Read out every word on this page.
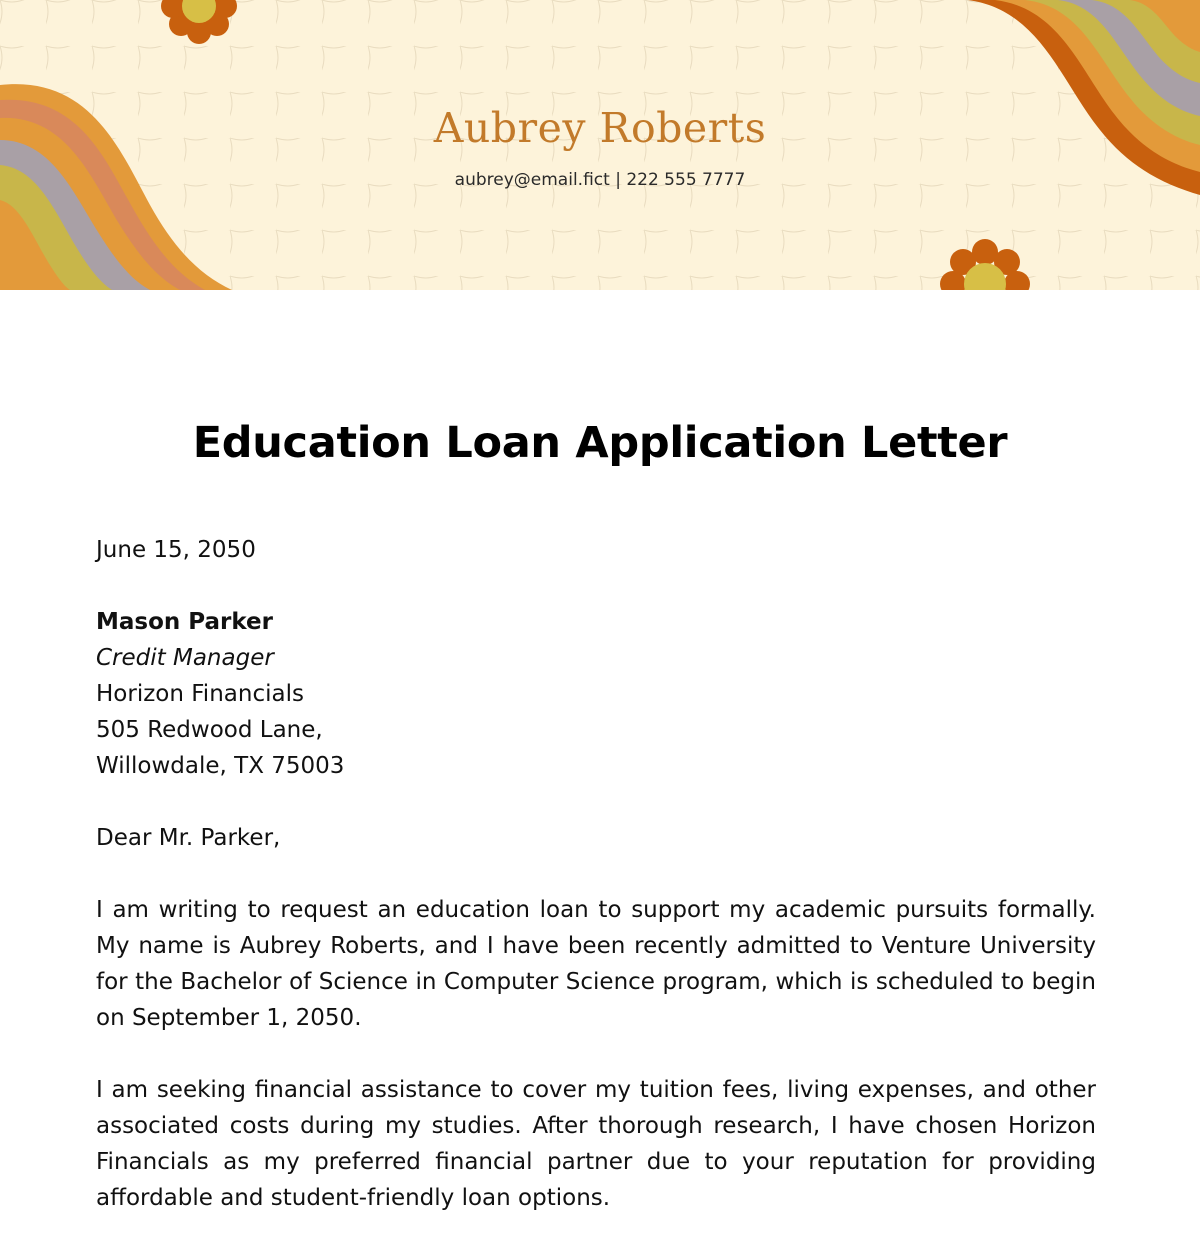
Aubrey Roberts
aubrey@email.fict | 222 555 7777
Education Loan Application Letter

June 15, 2050

Mason Parker

Credit Manager

Horizon Financials

505 Redwood Lane,

Willowdale, TX 75003

Dear Mr. Parker,

I am writing to request an education loan to support my academic pursuits formally. My name is Aubrey Roberts, and I have been recently admitted to Venture University for the Bachelor of Science in Computer Science program, which is scheduled to begin on September 1, 2050.

I am seeking financial assistance to cover my tuition fees, living expenses, and other associated costs during my studies. After thorough research, I have chosen Horizon Financials as my preferred financial partner due to your reputation for providing affordable and student-friendly loan options.
